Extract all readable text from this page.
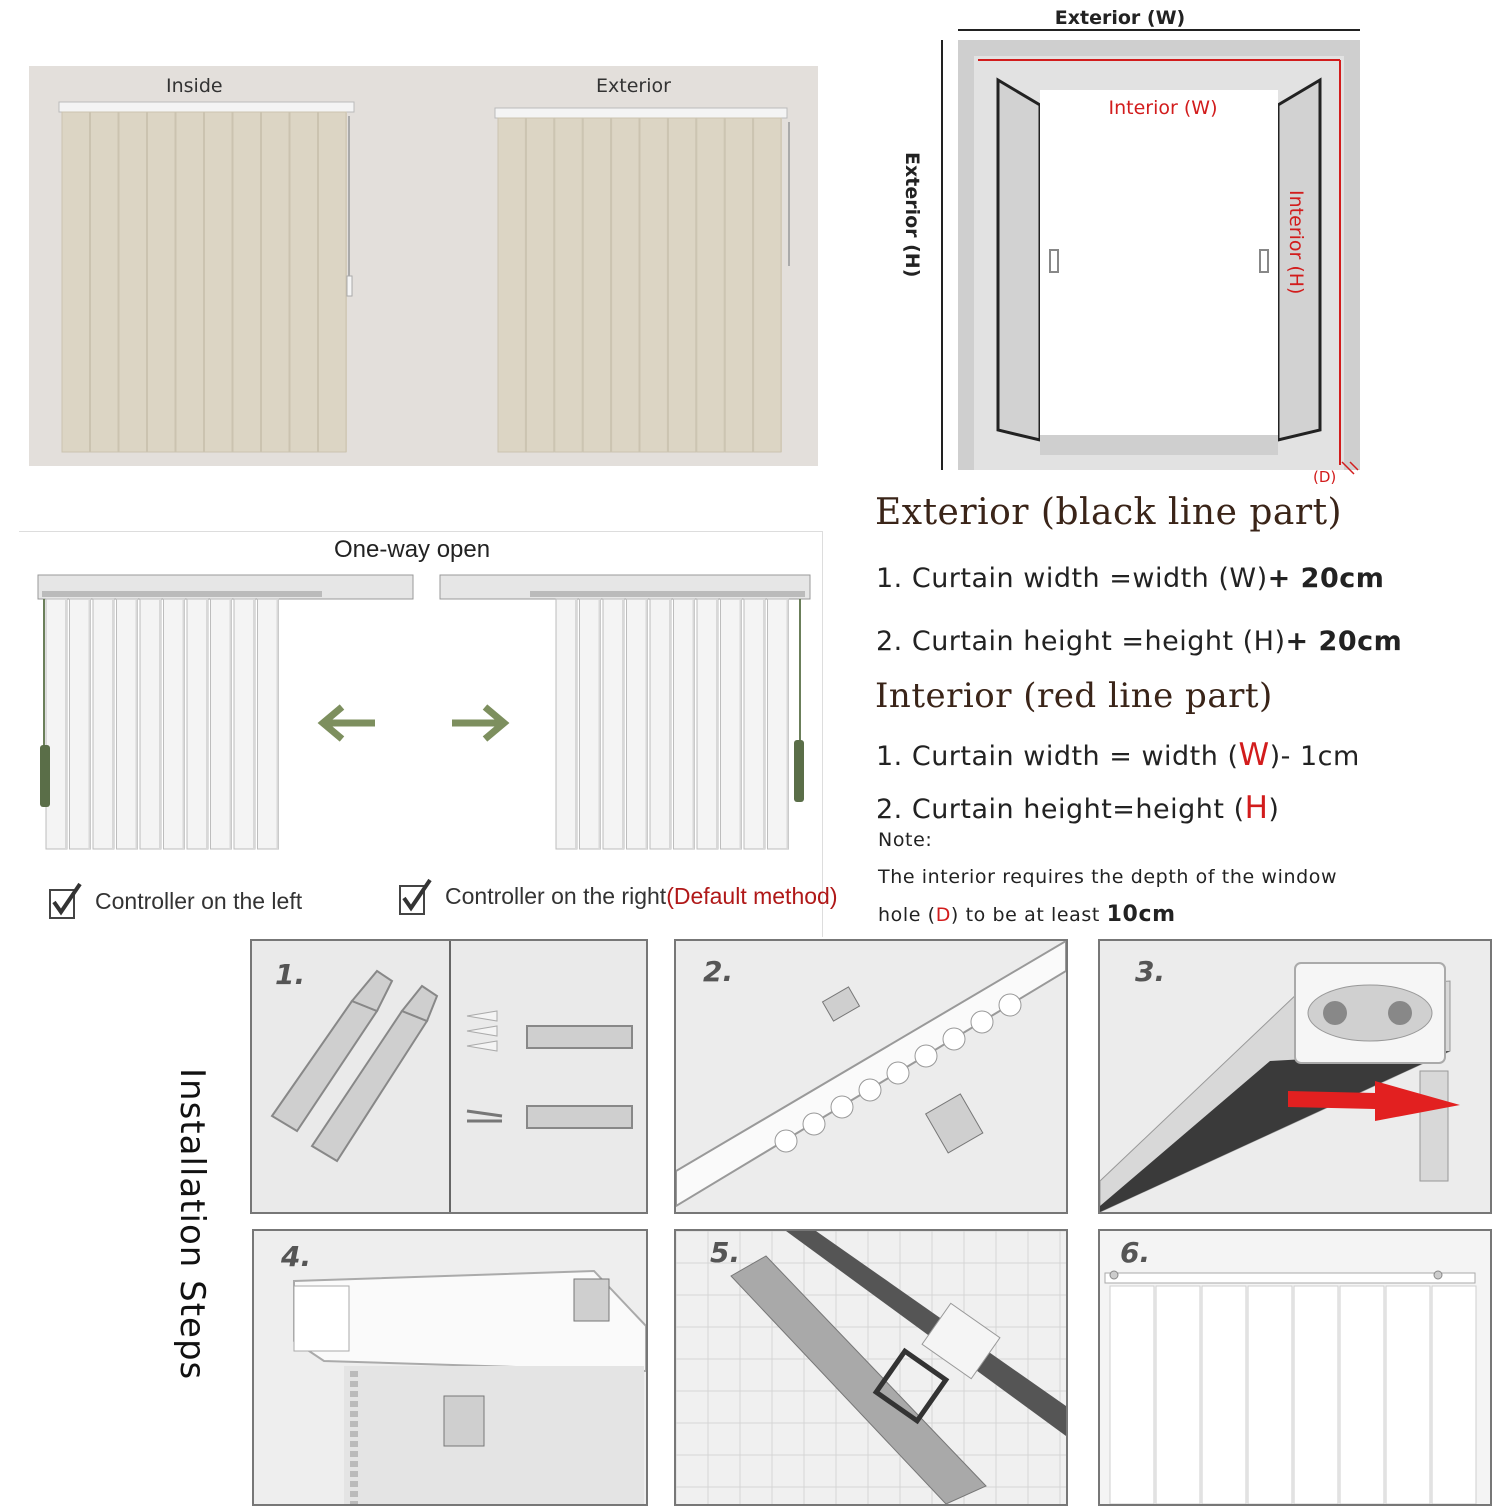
Inside	Exterior
Exterior (W)
Exterior (H)
Interior (W)
Interior (H)
(D)
One-way open
Controller on the left	Controller on the right(Default method)
Exterior (black line part)
1. Curtain width =width (W)+ 20cm
2. Curtain height =height (H)+ 20cm
Interior (red line part)
1. Curtain width = width (W)- 1cm
2. Curtain height=height (H)
Note:
The interior requires the depth of the window
hole (D) to be at least 10cm
Installation Steps
1.	2.	3.
4.	5.	6.
